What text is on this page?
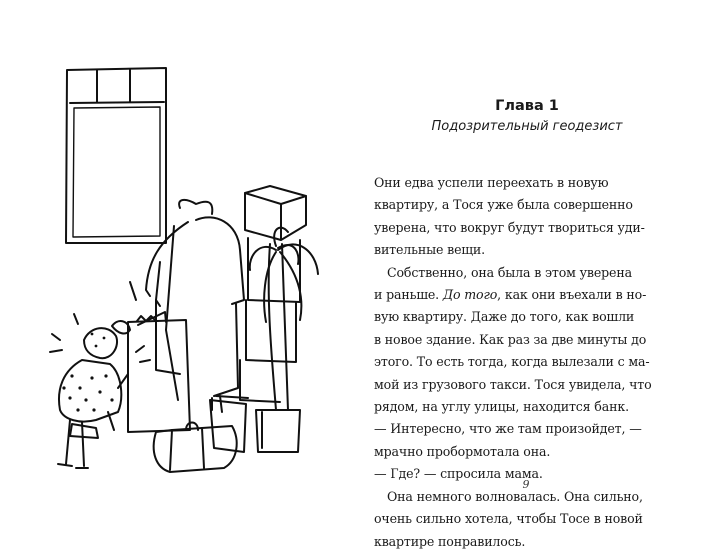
Глава 1

Подозрительный геодезист

Они едва успели переехать в новую
квартиру, а Тося уже была совершенно
уверена, что вокруг будут твориться уди-
вительные вещи.
Собственно, она была в этом уверена
и раньше. До того, как они въехали в но-
вую квартиру. Даже до того, как вошли
в новое здание. Как раз за две минуты до
этого. То есть тогда, когда вылезали с ма-
мой из грузового такси. Тося увидела, что
рядом, на углу улицы, находится банк.
— Интересно, что же там произойдет, —
мрачно пробормотала она.
— Где? — спросила мама.
Она немного волновалась. Она сильно,
очень сильно хотела, чтобы Тосе в новой
квартире понравилось.
9
